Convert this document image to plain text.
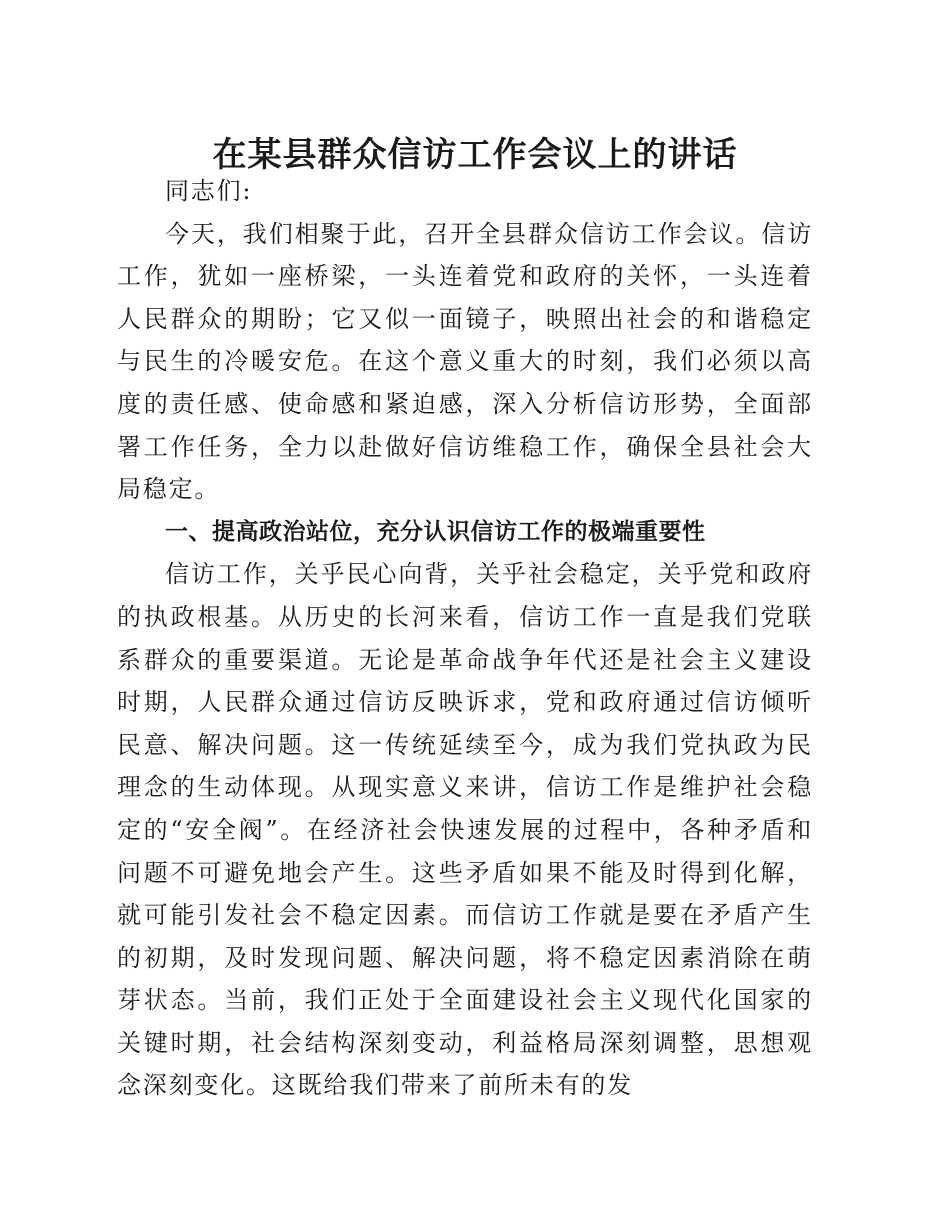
在某县群众信访工作会议上的讲话

同志们:

今天，我们相聚于此，召开全县群众信访工作会议。信访工作，犹如一座桥梁，一头连着党和政府的关怀，一头连着人民群众的期盼；它又似一面镜子，映照出社会的和谐稳定与民生的冷暖安危。在这个意义重大的时刻，我们必须以高度的责任感、使命感和紧迫感，深入分析信访形势，全面部署工作任务，全力以赴做好信访维稳工作，确保全县社会大局稳定。

一、提高政治站位，充分认识信访工作的极端重要性

信访工作，关乎民心向背，关乎社会稳定，关乎党和政府的执政根基。从历史的长河来看，信访工作一直是我们党联系群众的重要渠道。无论是革命战争年代还是社会主义建设时期，人民群众通过信访反映诉求，党和政府通过信访倾听民意、解决问题。这一传统延续至今，成为我们党执政为民理念的生动体现。从现实意义来讲，信访工作是维护社会稳定的“安全阀”。在经济社会快速发展的过程中，各种矛盾和问题不可避免地会产生。这些矛盾如果不能及时得到化解，就可能引发社会不稳定因素。而信访工作就是要在矛盾产生的初期，及时发现问题、解决问题，将不稳定因素消除在萌芽状态。当前，我们正处于全面建设社会主义现代化国家的关键时期，社会结构深刻变动，利益格局深刻调整，思想观念深刻变化。这既给我们带来了前所未有的发
